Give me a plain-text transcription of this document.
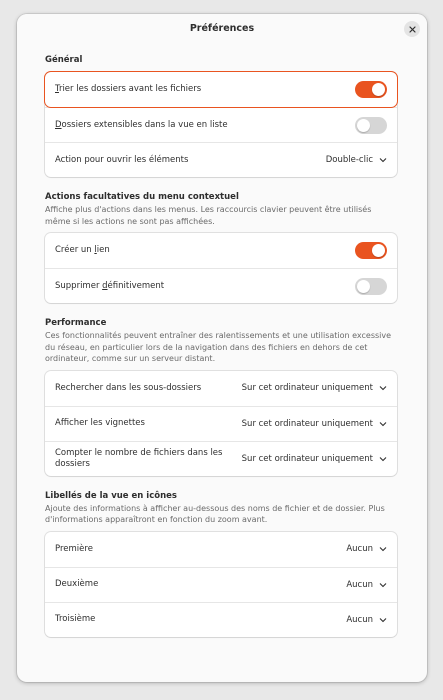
Préférences
Général
Trier les dossiers avant les fichiers
Dossiers extensibles dans la vue en liste
Action pour ouvrir les éléments	Double-clic
Actions facultatives du menu contextuel
Affiche plus d'actions dans les menus. Les raccourcis clavier peuvent être utilisés même si les actions ne sont pas affichées.
Créer un lien
Supprimer définitivement
Performance
Ces fonctionnalités peuvent entraîner des ralentissements et une utilisation excessive du réseau, en particulier lors de la navigation dans des fichiers en dehors de cet ordinateur, comme sur un serveur distant.
Rechercher dans les sous-dossiers	Sur cet ordinateur uniquement
Afficher les vignettes	Sur cet ordinateur uniquement
Compter le nombre de fichiers dans les dossiers	Sur cet ordinateur uniquement
Libellés de la vue en icônes
Ajoute des informations à afficher au-dessous des noms de fichier et de dossier. Plus d'informations apparaîtront en fonction du zoom avant.
Première	Aucun
Deuxième	Aucun
Troisième	Aucun
